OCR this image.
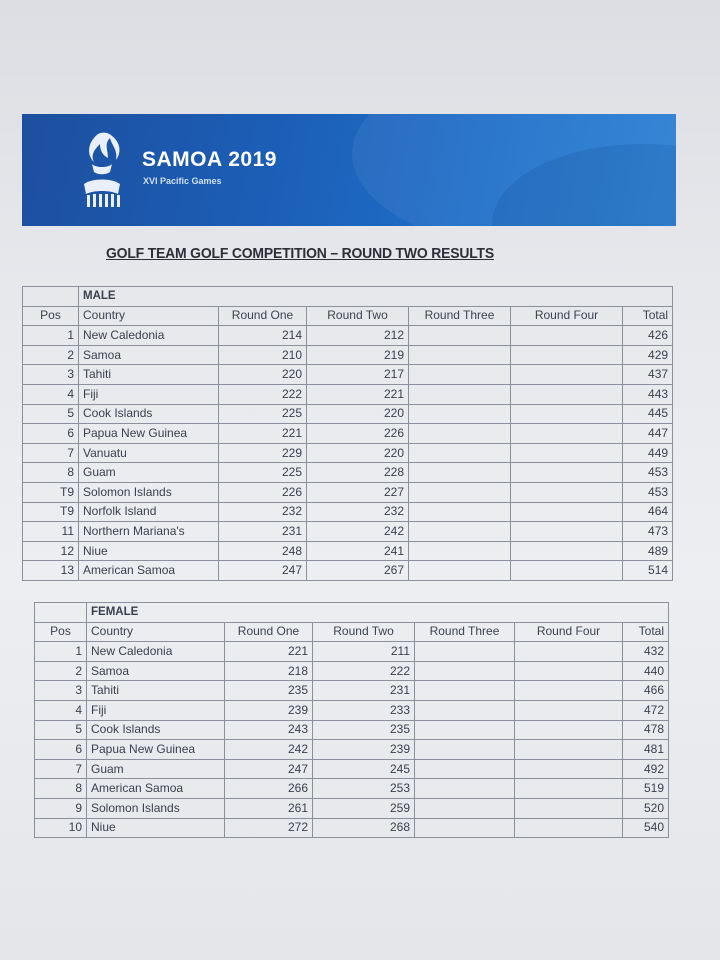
SAMOA 2019
XVI Pacific Games
GOLF TEAM GOLF COMPETITION – ROUND TWO RESULTS
	MALE					
Pos	Country	Round One	Round Two	Round Three	Round Four	Total
1	New Caledonia	214	212			426
2	Samoa	210	219			429
3	Tahiti	220	217			437
4	Fiji	222	221			443
5	Cook Islands	225	220			445
6	Papua New Guinea	221	226			447
7	Vanuatu	229	220			449
8	Guam	225	228			453
T9	Solomon Islands	226	227			453
T9	Norfolk Island	232	232			464
11	Northern Mariana's	231	242			473
12	Niue	248	241			489
13	American Samoa	247	267			514
	FEMALE					
Pos	Country	Round One	Round Two	Round Three	Round Four	Total
1	New Caledonia	221	211			432
2	Samoa	218	222			440
3	Tahiti	235	231			466
4	Fiji	239	233			472
5	Cook Islands	243	235			478
6	Papua New Guinea	242	239			481
7	Guam	247	245			492
8	American Samoa	266	253			519
9	Solomon Islands	261	259			520
10	Niue	272	268			540
